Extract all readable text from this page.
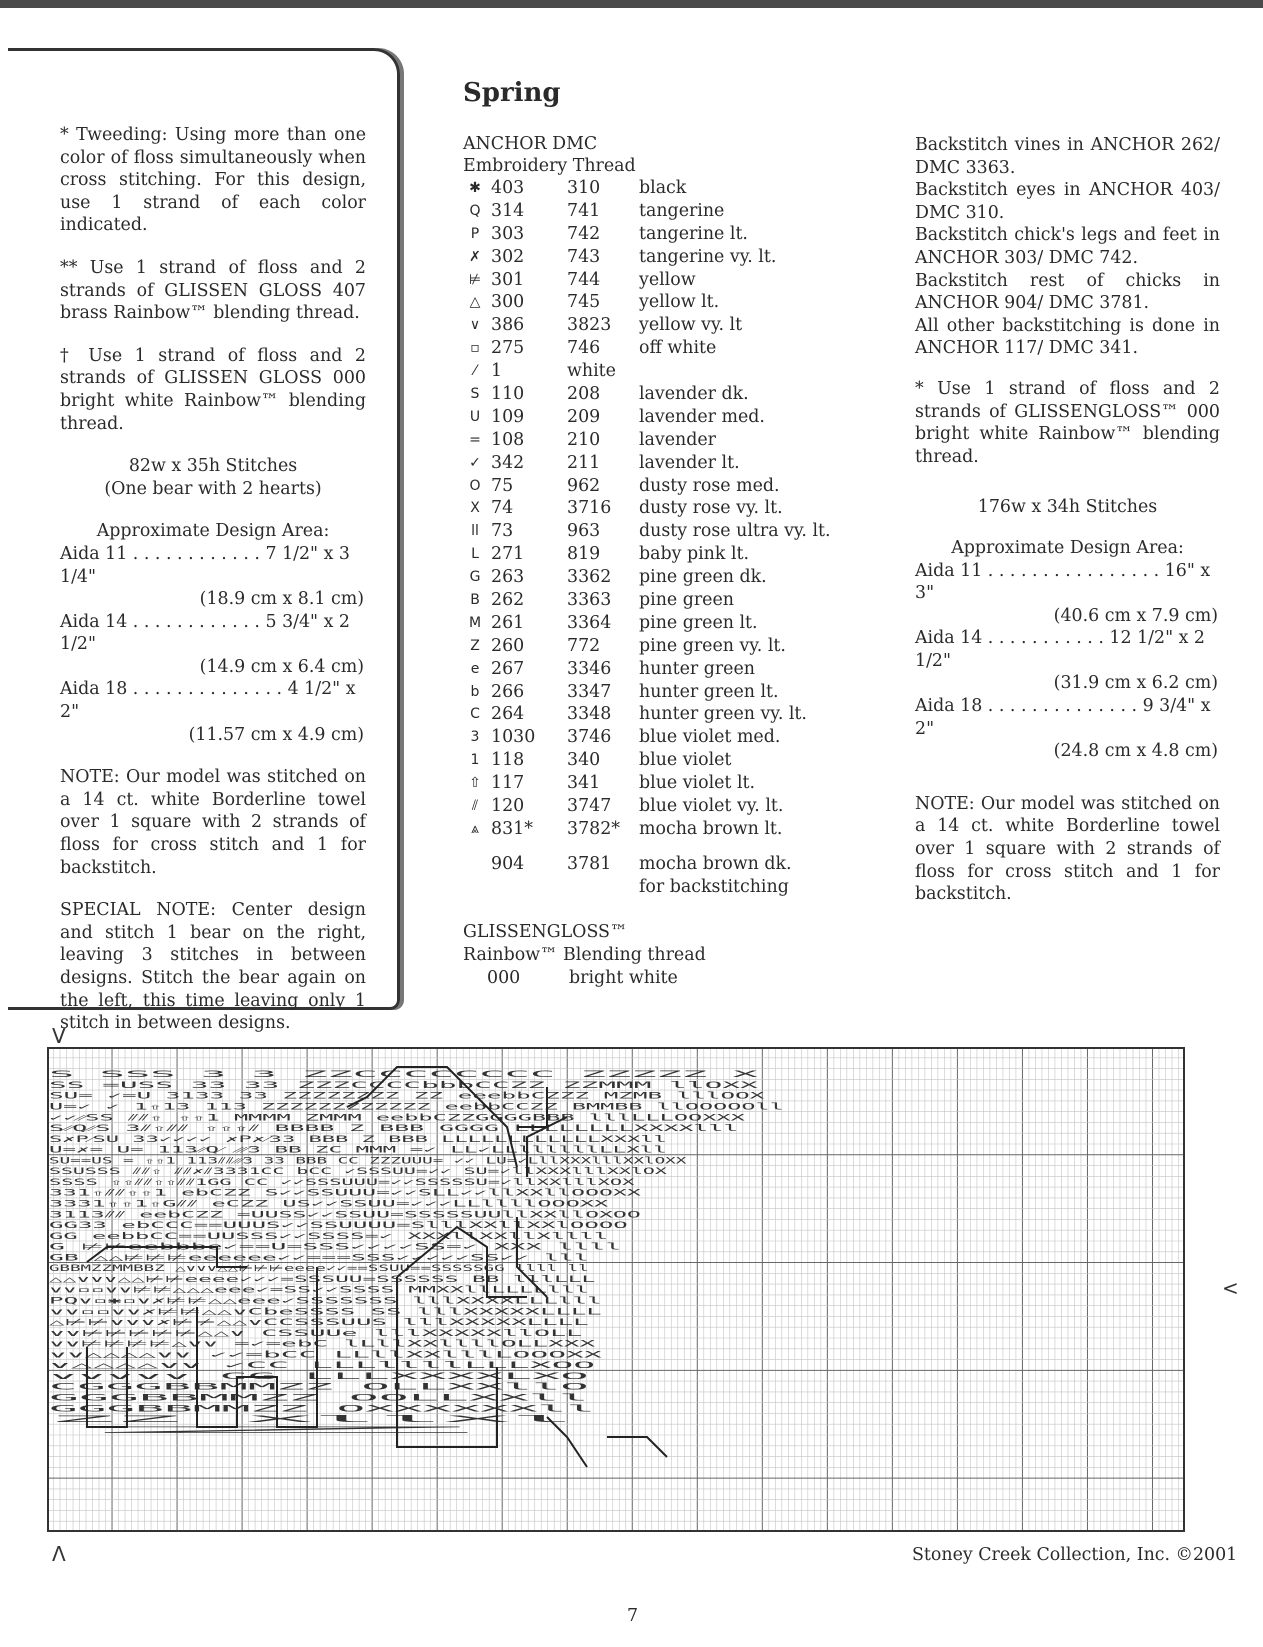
* Tweeding: Using more than one color of floss simultaneously when cross stitching. For this design, use 1 strand of each color indicated.

** Use 1 strand of floss and 2 strands of GLISSEN GLOSS 407 brass Rainbow™ blending thread.

† Use 1 strand of floss and 2 strands of GLISSEN GLOSS 000 bright white Rainbow™ blending thread.

82w x 35h Stitches
(One bear with 2 hearts)
Approximate Design Area:
Aida 11 . . . . . . . . . . . . 7 1/2" x 3 1/4"
(18.9 cm x 8.1 cm)
Aida 14 . . . . . . . . . . . . 5 3/4" x 2 1/2"
(14.9 cm x 6.4 cm)
Aida 18 . . . . . . . . . . . . . . 4 1/2" x 2"
(11.57 cm x 4.9 cm)

NOTE: Our model was stitched on a 14 ct. white Borderline towel over 1 square with 2 strands of floss for cross stitch and 1 for backstitch.

SPECIAL NOTE: Center design and stitch 1 bear on the right, leaving 3 stitches in between designs. Stitch the bear again on the left, this time leaving only 1 stitch in between designs.

Spring
ANCHOR DMC
Embroidery Thread
✱ 403 310 black
Q 314 741 tangerine
P 303 742 tangerine lt.
✗ 302 743 tangerine vy. lt.
⊭ 301 744 yellow
△ 300 745 yellow lt.
∨ 386 3823 yellow vy. lt
▫ 275 746 off white
⁄ 1	white
S 110 208 lavender dk.
U 109 209 lavender med.
= 108 210 lavender
✓ 342 211 lavender lt.
O 75	962 dusty rose med.
X 74	3716 dusty rose vy. lt.
ll 73	963 dusty rose ultra vy. lt.
L 271 819 baby pink lt.
G 263 3362 pine green dk.
B 262 3363 pine green
M 261 3364 pine green lt.
Z 260 772 pine green vy. lt.
e 267 3346 hunter green
b 266 3347 hunter green lt.
C 264 3348 hunter green vy. lt.
3 1030 3746 blue violet med.
1 118 340 blue violet
⇧ 117 341 blue violet lt.
⫽ 120 3747 blue violet vy. lt.
⩓ 831* 3782* mocha brown lt.
904 3781 mocha brown dk.
for backstitching
GLISSENGLOSS™
Rainbow™ Blending thread
000	bright white

Backstitch vines in ANCHOR 262/ DMC 3363.

Backstitch eyes in ANCHOR 403/ DMC 310.

Backstitch chick's legs and feet in ANCHOR 303/ DMC 742.

Backstitch rest of chicks in ANCHOR 904/ DMC 3781.

All other backstitching is done in ANCHOR 117/ DMC 341.

* Use 1 strand of floss and 2 strands of GLISSENGLOSS™ 000 bright white Rainbow™ blending thread.

176w x 34h Stitches
Approximate Design Area:
Aida 11 . . . . . . . . . . . . . . . . 16" x 3"
(40.6 cm x 7.9 cm)
Aida 14 . . . . . . . . . . . 12 1/2" x 2 1/2"
(31.9 cm x 6.2 cm)
Aida 18 . . . . . . . . . . . . . . 9 3/4" x 2"
(24.8 cm x 4.8 cm)

NOTE: Our model was stitched on a 14 ct. white Borderline towel over 1 square with 2 strands of floss for cross stitch and 1 for backstitch.

V
<
Λ
S SSS 3 3 ZZCCCCCCCC ZZZZZ X
SS =USS 33 33 ZZZCCCCbbbCCZZ ZZMMM llOXX
SU= ✓=U 3133 33 ZZZZZZZZ ZZ eeebbCZZZ MZMB lllOOX
U=✓ ✓ 1⇧13 113 ZZZZZZZZZZZZ eebbCCZZ BMMBB llOOOOOll
✓✓⁄⁄SS ⫽⫽⇧ ⇧⇧1 MMMM ZMMM eebbCZZGGGGBBB lllLLLOOXXX
S⁄⁄Q⁄⁄S 3⫽⇧⫽⫽ ⇧⇧⇧⫽ BBBB Z BBB GGGG LLLLLLLLXXXXlll
S✗P⁄SU 33✓✓✓✓ ✗P✗⁄33 BBB Z BBB LLLLLLLLLLLLXXXll
U=✗= U= 113⁄⁄Q⁄ ⁄⁄⁄3 BB ZC MMM =✓ LL✓LLllllllLLXll
SU==US = ⇧⇧1 113⫽⫽⁄⁄⁄3 33 BBB CC ZZZUUU= ✓✓ LU=✓LllXXXlllXXlOXX
SSUSSS ⫽⫽⇧ ⫽⫽✗⫽3331CC bCC ✓SSSUU=✓✓ SU=✓llXXXlllXXlOX
SSSS ⇧⇧⫽⫽⇧⇧⫽⫽1GG CC ✓✓SSSUUU=✓✓SSSSSU=✓llXXlllXOX
331⇧⫽⫽⇧⇧1 ebCZZ S✓✓SSUUU=✓✓SLL✓✓llXXllOOOXX
3331⇧⇧1⇧G⫽⫽ eCZZ US✓✓SSUU=✓✓✓LLllllOOOXX
3113⫽⫽ eebCZZ =UUSS✓✓SSUU=SSSSSUUllXXllOXOO
GG33 ebCCC==UUUS✓✓SSUUUU=SlllXXllXXlOOOO
GG eebbCC==UUSSS✓✓SSSS=✓ XXXllXXllXllll
G ⊭⊭eebbbe✓==U=SSS✓✓✓✓SS=✓ XXX llll
GB △△⊭⊭⊭eeeeee✓✓===SSS✓✓✓✓✓SS✓✓ lll
GBBMZZMMBBZ △∨∨∨△△⊭⊭⊭eeee✓✓==SSUU==SSSSSGG llll ll
△△∨∨∨△△⊭⊭eeee✓✓✓=SSSUU=SSSSSS BB lllLLL
∨∨▫▫∨∨⊭⊭△△△eee✓=SS✓✓SSSS MMXXllLLLLlll
PQ∨▫✱▫∨✗⊭⊭△△eee✓SSSSSSS lllXXXXLLLlll
∨∨▫▫∨∨✗⊭⊭△△∨CbeSSSS SS lllXXXXXLLLL
△⊭⊭∨∨∨✗⊭⊭△△∨CCSSSUUS lllXXXXXLLLL
∨∨⊭⊭⊭⊭⊭△△∨ CSSUUe lllXXXXXllOLL
∨∨⊭⊭⊭⊭△∨∨ =✓=ebC lLllXXllllOLLXXX
∨∨△△△△∨∨ ✓✓=bCC LLllXXlllLOOOXX
∨△△△△∨∨ ✓CC LLLllllLLLXOO
∨∨∨∨∨ CG LLLXXXXLXO
CGGGBBMMZZ OLLXXllO
GGGBBMMZZ OOLLXXll
GGGBBMMZZ OXXXXXXll
ZZ XllXl
Z
Stoney Creek Collection, Inc. ©2001
7
